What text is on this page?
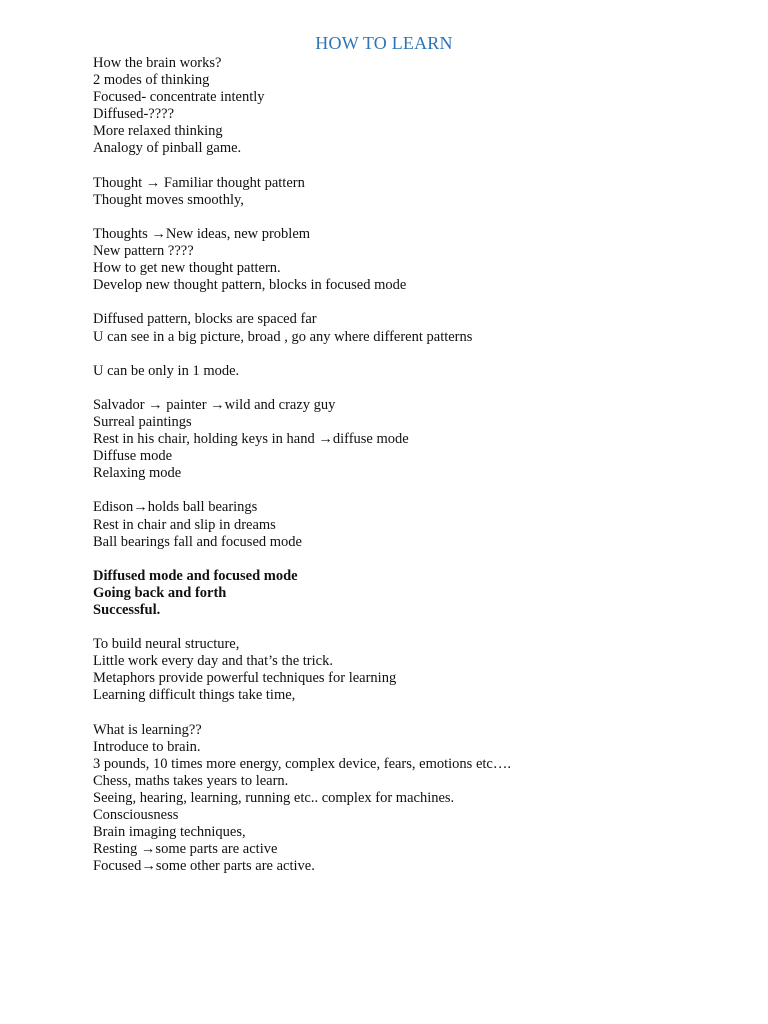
HOW TO LEARN
How the brain works?
2 modes of thinking
Focused- concentrate intently
Diffused-????
More relaxed thinking
Analogy of pinball game.
Thought → Familiar thought pattern
Thought moves smoothly,
Thoughts →New ideas, new problem
New pattern ????
How to get new thought pattern.
Develop new thought pattern, blocks in focused mode
Diffused pattern, blocks are spaced far
U can see in a big picture, broad , go any where different patterns
U can be only in 1 mode.
Salvador → painter →wild and crazy guy
Surreal paintings
Rest in his chair, holding keys in hand →diffuse mode
Diffuse mode
Relaxing mode
Edison→holds ball bearings
Rest in chair and slip in dreams
Ball bearings fall and focused mode
Diffused mode and focused mode
Going back and forth
Successful.
To build neural structure,
Little work every day and that’s the trick.
Metaphors provide powerful techniques for learning
Learning difficult things take time,
What is learning??
Introduce to brain.
3 pounds, 10 times more energy, complex device, fears, emotions etc….
Chess, maths takes years to learn.
Seeing, hearing, learning, running etc.. complex for machines.
Consciousness
Brain imaging techniques,
Resting →some parts are active
Focused→some other parts are active.
